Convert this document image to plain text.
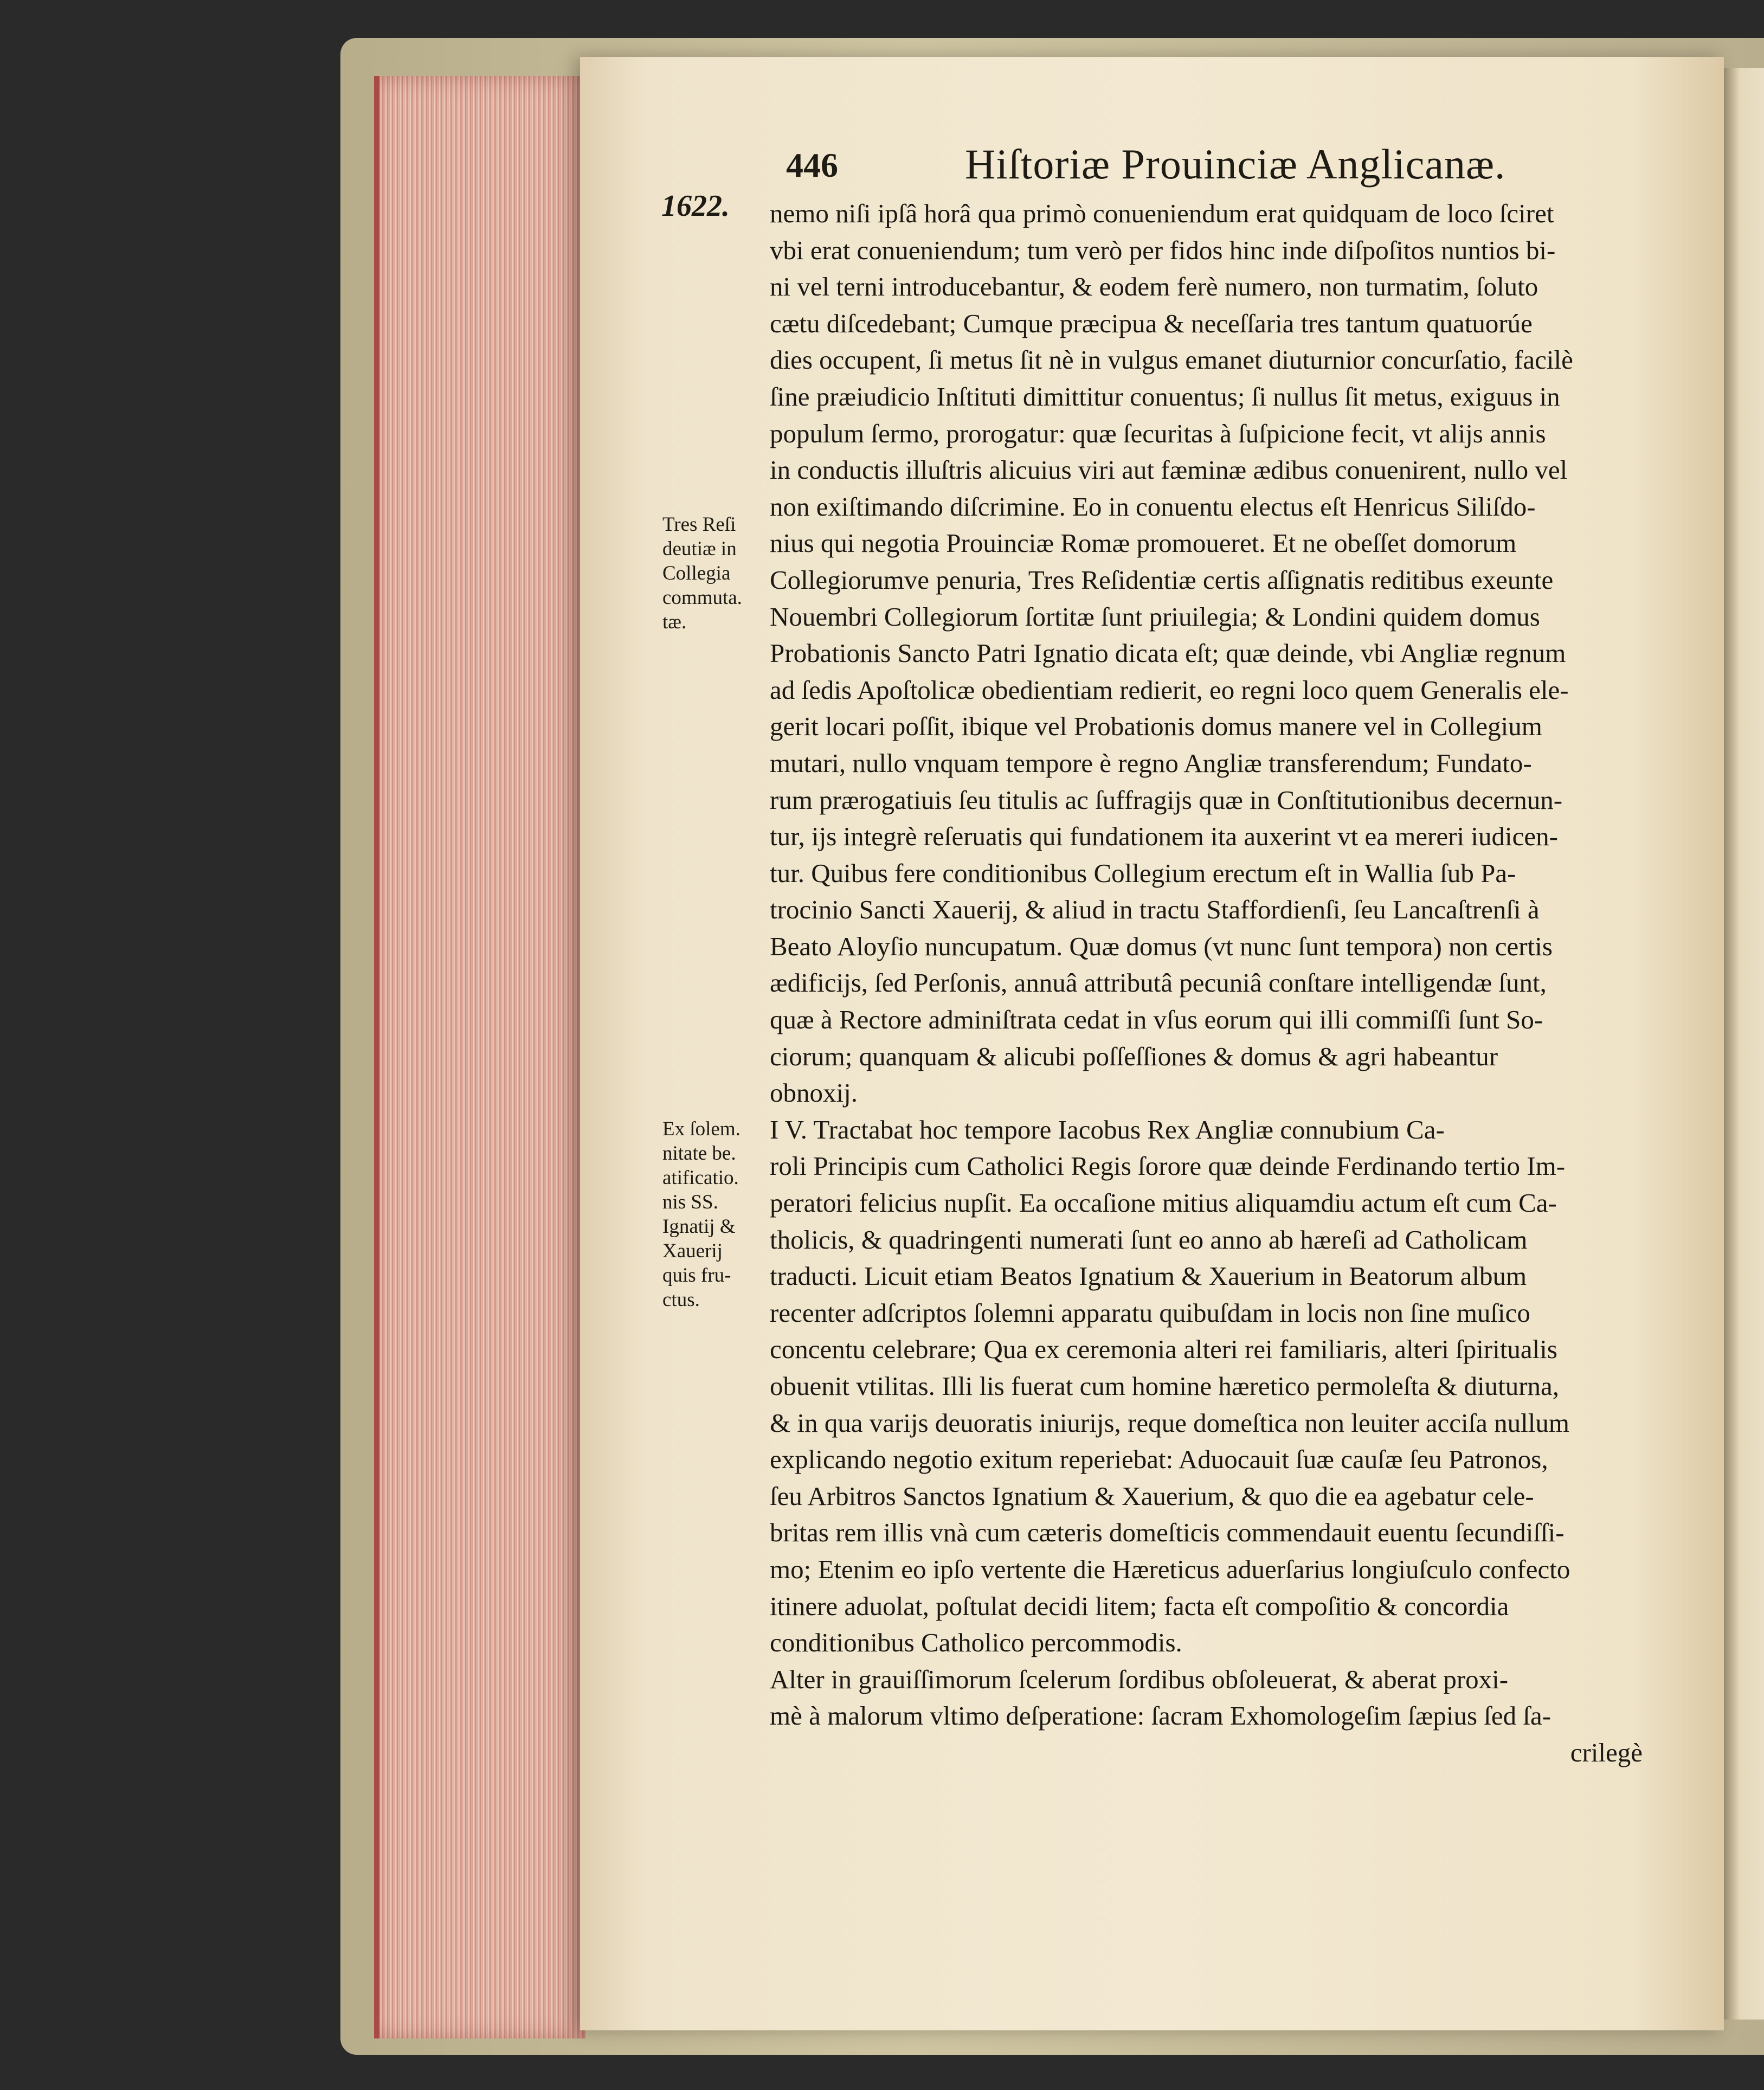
446	Hiſtoriæ Prouinciæ Anglicanæ.
1622.
Tres Reſi
deutiæ in
Collegia
commuta.
tæ.
Ex ſolem.
nitate be.
atificatio.
nis SS.
Ignatij &
Xauerij
quis fru-
ctus.
nemo niſi ipſâ horâ qua primò conueniendum erat quidquam de loco ſciret
vbi erat conueniendum; tum verò per fidos hinc inde diſpoſitos nuntios bi-
ni vel terni introducebantur, & eodem ferè numero, non turmatim, ſoluto
cætu diſcedebant; Cumque præcipua & neceſſaria tres tantum quatuorúe
dies occupent, ſi metus ſit nè in vulgus emanet diuturnior concurſatio, facilè
ſine præiudicio Inſtituti dimittitur conuentus; ſi nullus ſit metus, exiguus in
populum ſermo, prorogatur: quæ ſecuritas à ſuſpicione fecit, vt alijs annis
in conductis illuſtris alicuius viri aut fæminæ ædibus conuenirent, nullo vel
non exiſtimando diſcrimine. Eo in conuentu electus eſt Henricus Siliſdo-
nius qui negotia Prouinciæ Romæ promoueret. Et ne obeſſet domorum
Collegiorumve penuria, Tres Reſidentiæ certis aſſignatis reditibus exeunte
Nouembri Collegiorum ſortitæ ſunt priuilegia; & Londini quidem domus
Probationis Sancto Patri Ignatio dicata eſt; quæ deinde, vbi Angliæ regnum
ad ſedis Apoſtolicæ obedientiam redierit, eo regni loco quem Generalis ele-
gerit locari poſſit, ibique vel Probationis domus manere vel in Collegium
mutari, nullo vnquam tempore è regno Angliæ transferendum; Fundato-
rum prærogatiuis ſeu titulis ac ſuffragijs quæ in Conſtitutionibus decernun-
tur, ijs integrè reſeruatis qui fundationem ita auxerint vt ea mereri iudicen-
tur. Quibus fere conditionibus Collegium erectum eſt in Wallia ſub Pa-
trocinio Sancti Xauerij, & aliud in tractu Staffordienſi, ſeu Lancaſtrenſi à
Beato Aloyſio nuncupatum. Quæ domus (vt nunc ſunt tempora) non certis
ædificijs, ſed Perſonis, annuâ attributâ pecuniâ conſtare intelligendæ ſunt,
quæ à Rectore adminiſtrata cedat in vſus eorum qui illi commiſſi ſunt So-
ciorum; quanquam & alicubi poſſeſſiones & domus & agri habeantur
obnoxij.
I V. Tractabat hoc tempore Iacobus Rex Angliæ connubium Ca-
roli Principis cum Catholici Regis ſorore quæ deinde Ferdinando tertio Im-
peratori felicius nupſit. Ea occaſione mitius aliquamdiu actum eſt cum Ca-
tholicis, & quadringenti numerati ſunt eo anno ab hæreſi ad Catholicam
traducti. Licuit etiam Beatos Ignatium & Xauerium in Beatorum album
recenter adſcriptos ſolemni apparatu quibuſdam in locis non ſine muſico
concentu celebrare; Qua ex ceremonia alteri rei familiaris, alteri ſpiritualis
obuenit vtilitas. Illi lis fuerat cum homine hæretico permoleſta & diuturna,
& in qua varijs deuoratis iniurijs, reque domeſtica non leuiter acciſa nullum
explicando negotio exitum reperiebat: Aduocauit ſuæ cauſæ ſeu Patronos,
ſeu Arbitros Sanctos Ignatium & Xauerium, & quo die ea agebatur cele-
britas rem illis vnà cum cæteris domeſticis commendauit euentu ſecundiſſi-
mo; Etenim eo ipſo vertente die Hæreticus aduerſarius longiuſculo confecto
itinere aduolat, poſtulat decidi litem; facta eſt compoſitio & concordia
conditionibus Catholico percommodis.
Alter in grauiſſimorum ſcelerum ſordibus obſoleuerat, & aberat proxi-
mè à malorum vltimo deſperatione: ſacram Exhomologeſim ſæpius ſed ſa-
crilegè
